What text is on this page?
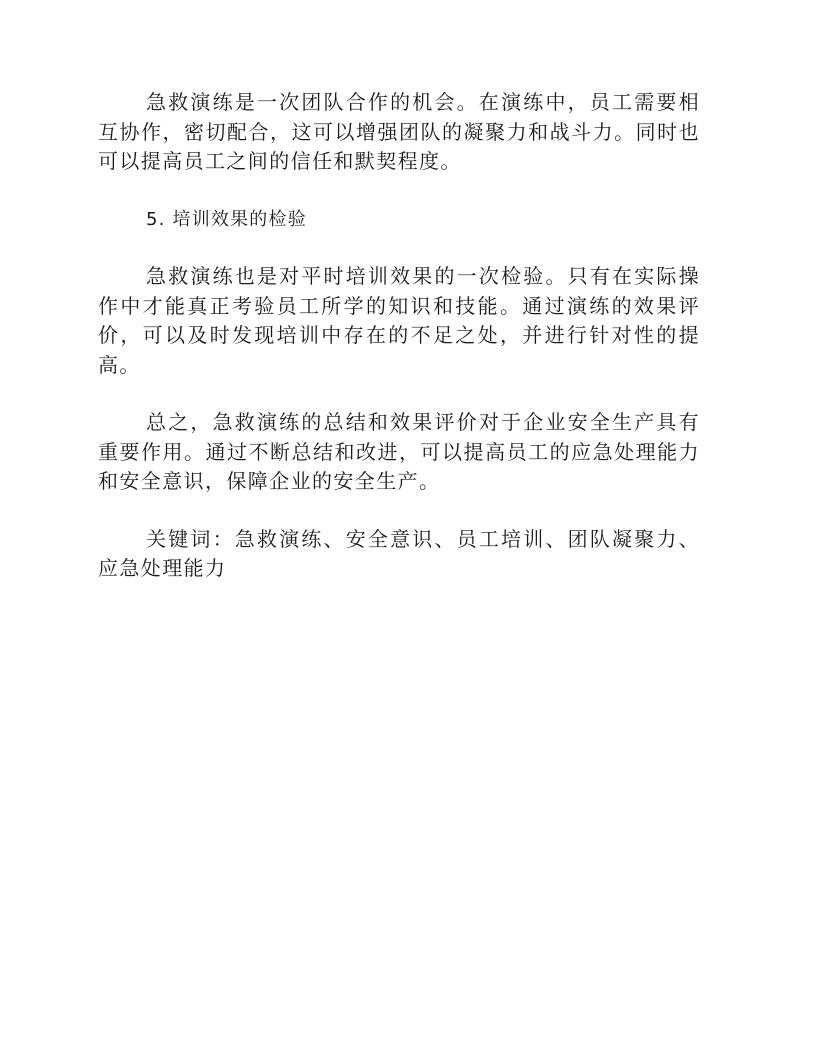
急救演练是一次团队合作的机会。在演练中，员工需要相互协作，密切配合，这可以增强团队的凝聚力和战斗力。同时也可以提高员工之间的信任和默契程度。

5. 培训效果的检验

急救演练也是对平时培训效果的一次检验。只有在实际操作中才能真正考验员工所学的知识和技能。通过演练的效果评价，可以及时发现培训中存在的不足之处，并进行针对性的提高。

总之，急救演练的总结和效果评价对于企业安全生产具有重要作用。通过不断总结和改进，可以提高员工的应急处理能力和安全意识，保障企业的安全生产。

关键词：急救演练、安全意识、员工培训、团队凝聚力、应急处理能力
